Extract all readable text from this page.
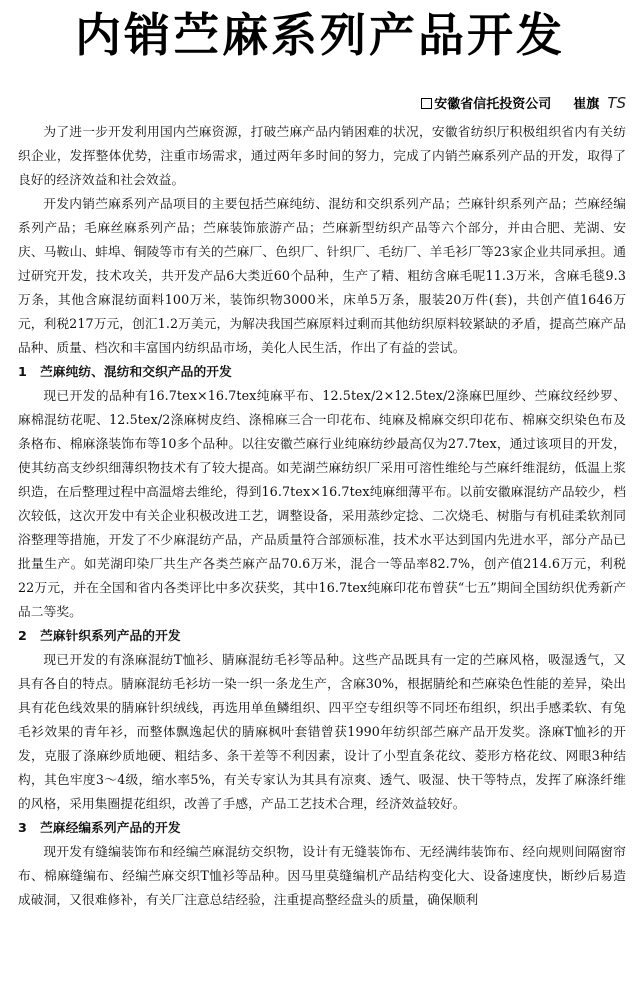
内销苎麻系列产品开发
安徽省信托投资公司 崔旗 TS

为了进一步开发利用国内苎麻资源，打破苎麻产品内销困难的状况，安徽省纺织厅积极组织省内有关纺织企业，发挥整体优势，注重市场需求，通过两年多时间的努力，完成了内销苎麻系列产品的开发，取得了良好的经济效益和社会效益。

开发内销苎麻系列产品项目的主要包括苎麻纯纺、混纺和交织系列产品；苎麻针织系列产品；苎麻经编系列产品；毛麻丝麻系列产品；苎麻装饰旅游产品；苎麻新型纺织产品等六个部分，并由合肥、芜湖、安庆、马鞍山、蚌埠、铜陵等市有关的苎麻厂、色织厂、针织厂、毛纺厂、羊毛衫厂等23家企业共同承担。通过研究开发，技术攻关，共开发产品6大类近60个品种，生产了精、粗纺含麻毛呢11.3万米，含麻毛毯9.3万条，其他含麻混纺面料100万米，装饰织物3000米，床单5万条，服装20万件(套)，共创产值1646万元，利税217万元，创汇1.2万美元，为解决我国苎麻原料过剩而其他纺织原料较紧缺的矛盾，提高苎麻产品品种、质量、档次和丰富国内纺织品市场，美化人民生活，作出了有益的尝试。

1 苎麻纯纺、混纺和交织产品的开发

现已开发的品种有16.7tex×16.7tex纯麻平布、12.5tex/2×12.5tex/2涤麻巴厘纱、苎麻纹经纱罗、麻棉混纺花呢、12.5tex/2涤麻树皮绉、涤棉麻三合一印花布、纯麻及棉麻交织印花布、棉麻交织染色布及条格布、棉麻涤装饰布等10多个品种。以往安徽苎麻行业纯麻纺纱最高仅为27.7tex，通过该项目的开发，使其纺高支纱织细薄织物技术有了较大提高。如芜湖苎麻纺织厂采用可溶性维纶与苎麻纤维混纺，低温上浆织造，在后整理过程中高温熔去维纶，得到16.7tex×16.7tex纯麻细薄平布。以前安徽麻混纺产品较少，档次较低，这次开发中有关企业积极改进工艺，调整设备，采用蒸纱定捻、二次烧毛、树脂与有机硅柔软剂同浴整理等措施，开发了不少麻混纺产品，产品质量符合部颁标准，技术水平达到国内先进水平，部分产品已批量生产。如芜湖印染厂共生产各类苎麻产品70.6万米，混合一等品率82.7%，创产值214.6万元，利税22万元，并在全国和省内各类评比中多次获奖，其中16.7tex纯麻印花布曾获“七五”期间全国纺织优秀新产品二等奖。

2 苎麻针织系列产品的开发

现已开发的有涤麻混纺T恤衫、腈麻混纺毛衫等品种。这些产品既具有一定的苎麻风格，吸湿透气，又具有各自的特点。腈麻混纺毛衫坊一染一织一条龙生产，含麻30%，根据腈纶和苎麻染色性能的差异，染出具有花色线效果的腈麻针织绒线，再选用单鱼鳞组织、四平空专组织等不同坯布组织，织出手感柔软、有兔毛衫效果的青年衫，而整体飘逸起伏的腈麻枫叶套错曾获1990年纺织部苎麻产品开发奖。涤麻T恤衫的开发，克服了涤麻纱质地硬、粗结多、条干差等不利因素，设计了小型直条花纹、菱形方格花纹、网眼3种结构，其色牢度3～4级，缩水率5%，有关专家认为其具有凉爽、透气、吸湿、快干等特点，发挥了麻涤纤维的风格，采用集圈提花组织，改善了手感，产品工艺技术合理，经济效益较好。

3 苎麻经编系列产品的开发

现开发有缝编装饰布和经编苎麻混纺交织物，设计有无缝装饰布、无经满纬装饰布、经向规则间隔窗帘布、棉麻缝编布、经编苎麻交织T恤衫等品种。因马里莫缝编机产品结构变化大、设备速度快，断纱后易造成破洞，又很难修补，有关厂注意总结经验，注重提高整经盘头的质量，确保顺利
